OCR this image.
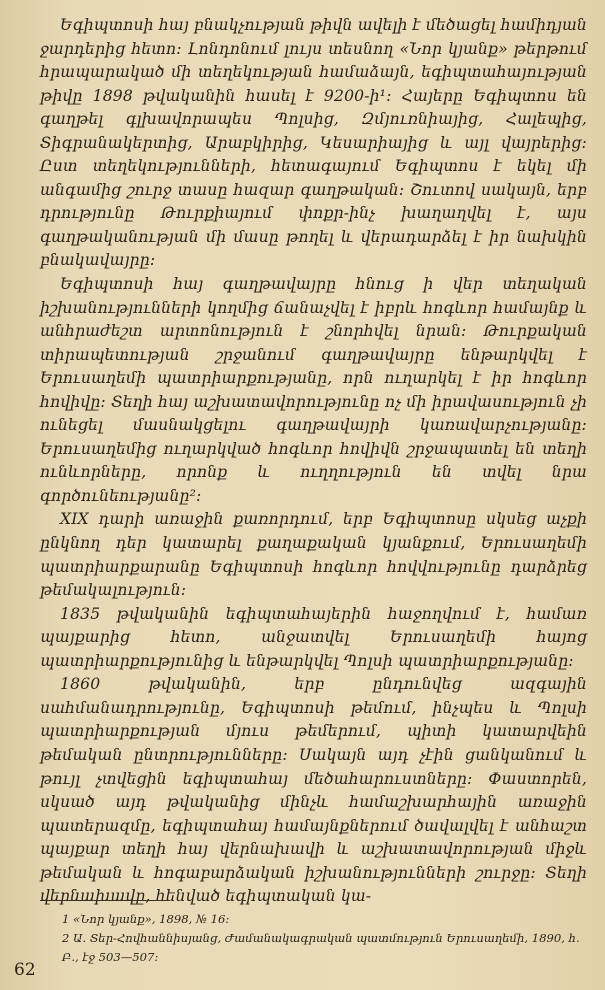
Եգիպտոսի հայ բնակչության թիվն ավելի է մեծացել համիդյան ջարդերից հետո։ Լոնդոնում լույս տեսնող «Նոր կյանք» թերթում հրապարակած մի տեղեկության համաձայն, եգիպտահայության թիվը 1898 թվականին հասել է 9200-ի¹։ Հայերը Եգիպտոս են գաղթել գլխավորապես Պոլսից, Զմյուռնիայից, Հալեպից, Տիգրանակերտից, Արաբկիրից, Կեսարիայից և այլ վայրերից։ Ըստ տեղեկությունների, հետագայում Եգիպտոս է եկել մի անգամից շուրջ տասը հազար գաղթական։ Շուտով սակայն, երբ դրությունը Թուրքիայում փոքր-ինչ խաղաղվել է, այս գաղթականության մի մասը թողել և վերադարձել է իր նախկին բնակավայրը։

Եգիպտոսի հայ գաղթավայրը հնուց ի վեր տեղական իշխանությունների կողմից ճանաչվել է իբրև հոգևոր համայնք և անհրաժեշտ արտոնություն է շնորհվել նրան։ Թուրքական տիրապետության շրջանում գաղթավայրը ենթարկվել է Երուսաղեմի պատրիարքությանը, որն ուղարկել է իր հոգևոր հովիվը։ Տեղի հայ աշխատավորությունը ոչ մի իրավասություն չի ունեցել մասնակցելու գաղթավայրի կառավարչությանը։ Երուսաղեմից ուղարկված հոգևոր հովիվն շրջապատել են տեղի ունևորները, որոնք և ուղղություն են տվել նրա գործունեությանը²։

XIX դարի առաջին քառորդում, երբ Եգիպտոսը սկսեց աչքի ընկնող դեր կատարել քաղաքական կյանքում, Երուսաղեմի պատրիարքարանը Եգիպտոսի հոգևոր հովվությունը դարձրեց թեմակալություն։

1835 թվականին եգիպտահայերին հաջողվում է, համառ պայքարից հետո, անջատվել Երուսաղեմի հայոց պատրիարքությունից և ենթարկվել Պոլսի պատրիարքությանը։

1860 թվականին, երբ ընդունվեց ազգային սահմանադրությունը, Եգիպտոսի թեմում, ինչպես և Պոլսի պատրիարքության մյուս թեմերում, պիտի կատարվեին թեմական ընտրությունները։ Սակայն այդ չէին ցանկանում և թույլ չտվեցին եգիպտահայ մեծահարուստները։ Փաստորեն, սկսած այդ թվականից մինչև համաշխարհային առաջին պատերազմը, եգիպտահայ համայնքներում ծավալվել է անհաշտ պայքար տեղի հայ վերնախավի և աշխատավորության միջև թեմական և հոգաբարձական իշխանությունների շուրջը։ Տեղի վերնախավը, հենված եգիպտական կա-

1 «Նոր կյանք», 1898, № 16։
2 Ա. Տեր-Հովհաննիսյանց, Ժամանակագրական պատմություն Երուսաղեմի, 1890, հ. Բ., էջ 503—507։
62
